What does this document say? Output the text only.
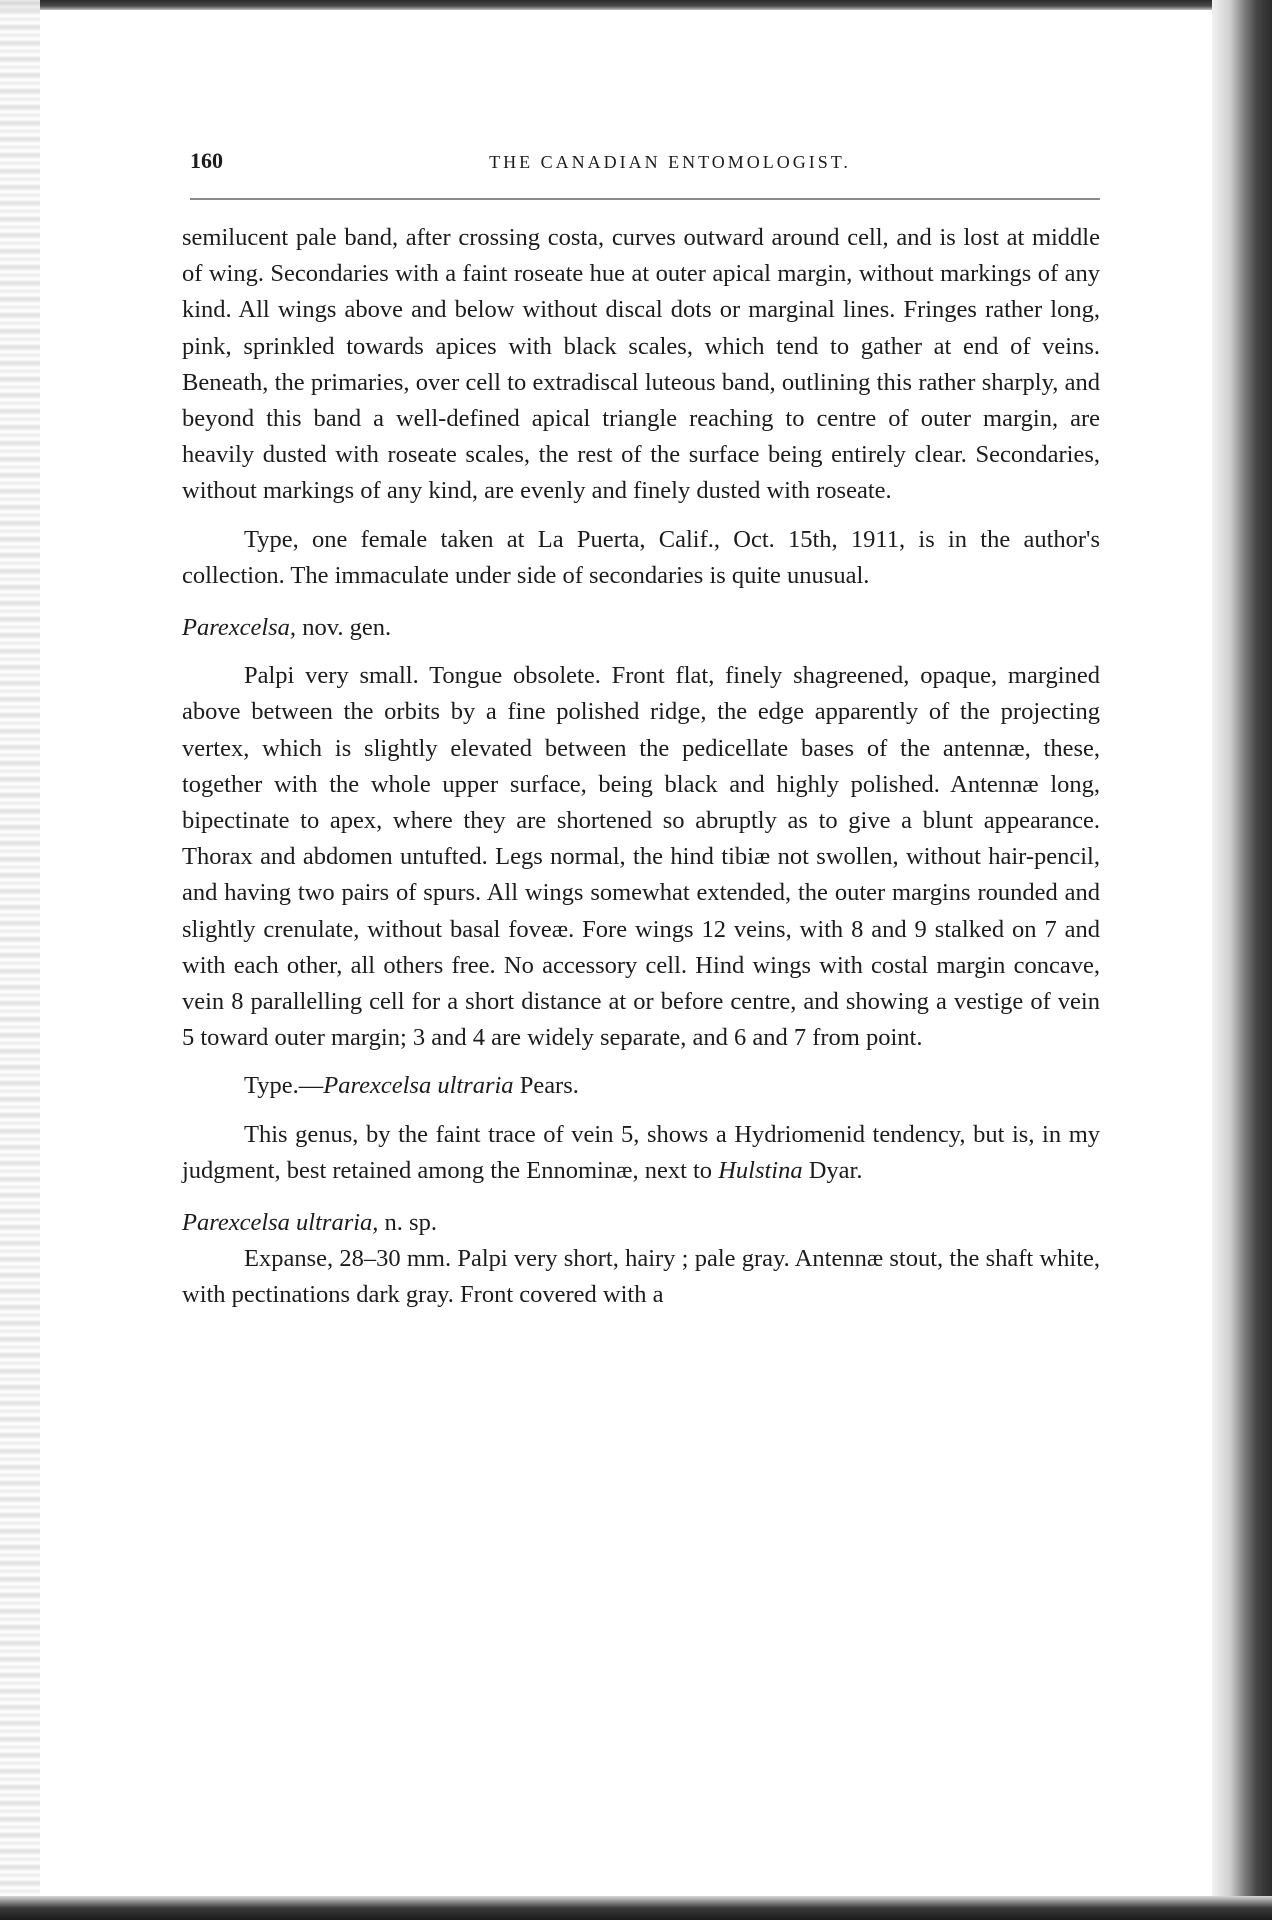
160	THE CANADIAN ENTOMOLOGIST.

semilucent pale band, after crossing costa, curves outward around cell, and is lost at middle of wing. Secondaries with a faint roseate hue at outer apical margin, without markings of any kind. All wings above and below without discal dots or marginal lines. Fringes rather long, pink, sprinkled towards apices with black scales, which tend to gather at end of veins. Beneath, the primaries, over cell to extradiscal luteous band, outlining this rather sharply, and beyond this band a well-defined apical triangle reaching to centre of outer margin, are heavily dusted with roseate scales, the rest of the surface being entirely clear. Secondaries, without markings of any kind, are evenly and finely dusted with roseate.

Type, one female taken at La Puerta, Calif., Oct. 15th, 1911, is in the author's collection. The immaculate under side of secondaries is quite unusual.

Parexcelsa, nov. gen.

Palpi very small. Tongue obsolete. Front flat, finely shagreened, opaque, margined above between the orbits by a fine polished ridge, the edge apparently of the projecting vertex, which is slightly elevated between the pedicellate bases of the antennæ, these, together with the whole upper surface, being black and highly polished. Antennæ long, bipectinate to apex, where they are shortened so abruptly as to give a blunt appearance. Thorax and abdomen untufted. Legs normal, the hind tibiæ not swollen, without hair-pencil, and having two pairs of spurs. All wings somewhat extended, the outer margins rounded and slightly crenulate, without basal foveæ. Fore wings 12 veins, with 8 and 9 stalked on 7 and with each other, all others free. No accessory cell. Hind wings with costal margin concave, vein 8 parallelling cell for a short distance at or before centre, and showing a vestige of vein 5 toward outer margin; 3 and 4 are widely separate, and 6 and 7 from point.

Type.—Parexcelsa ultraria Pears.

This genus, by the faint trace of vein 5, shows a Hydriomenid tendency, but is, in my judgment, best retained among the Ennominæ, next to Hulstina Dyar.

Parexcelsa ultraria, n. sp.

Expanse, 28–30 mm. Palpi very short, hairy ; pale gray. Antennæ stout, the shaft white, with pectinations dark gray. Front covered with a
